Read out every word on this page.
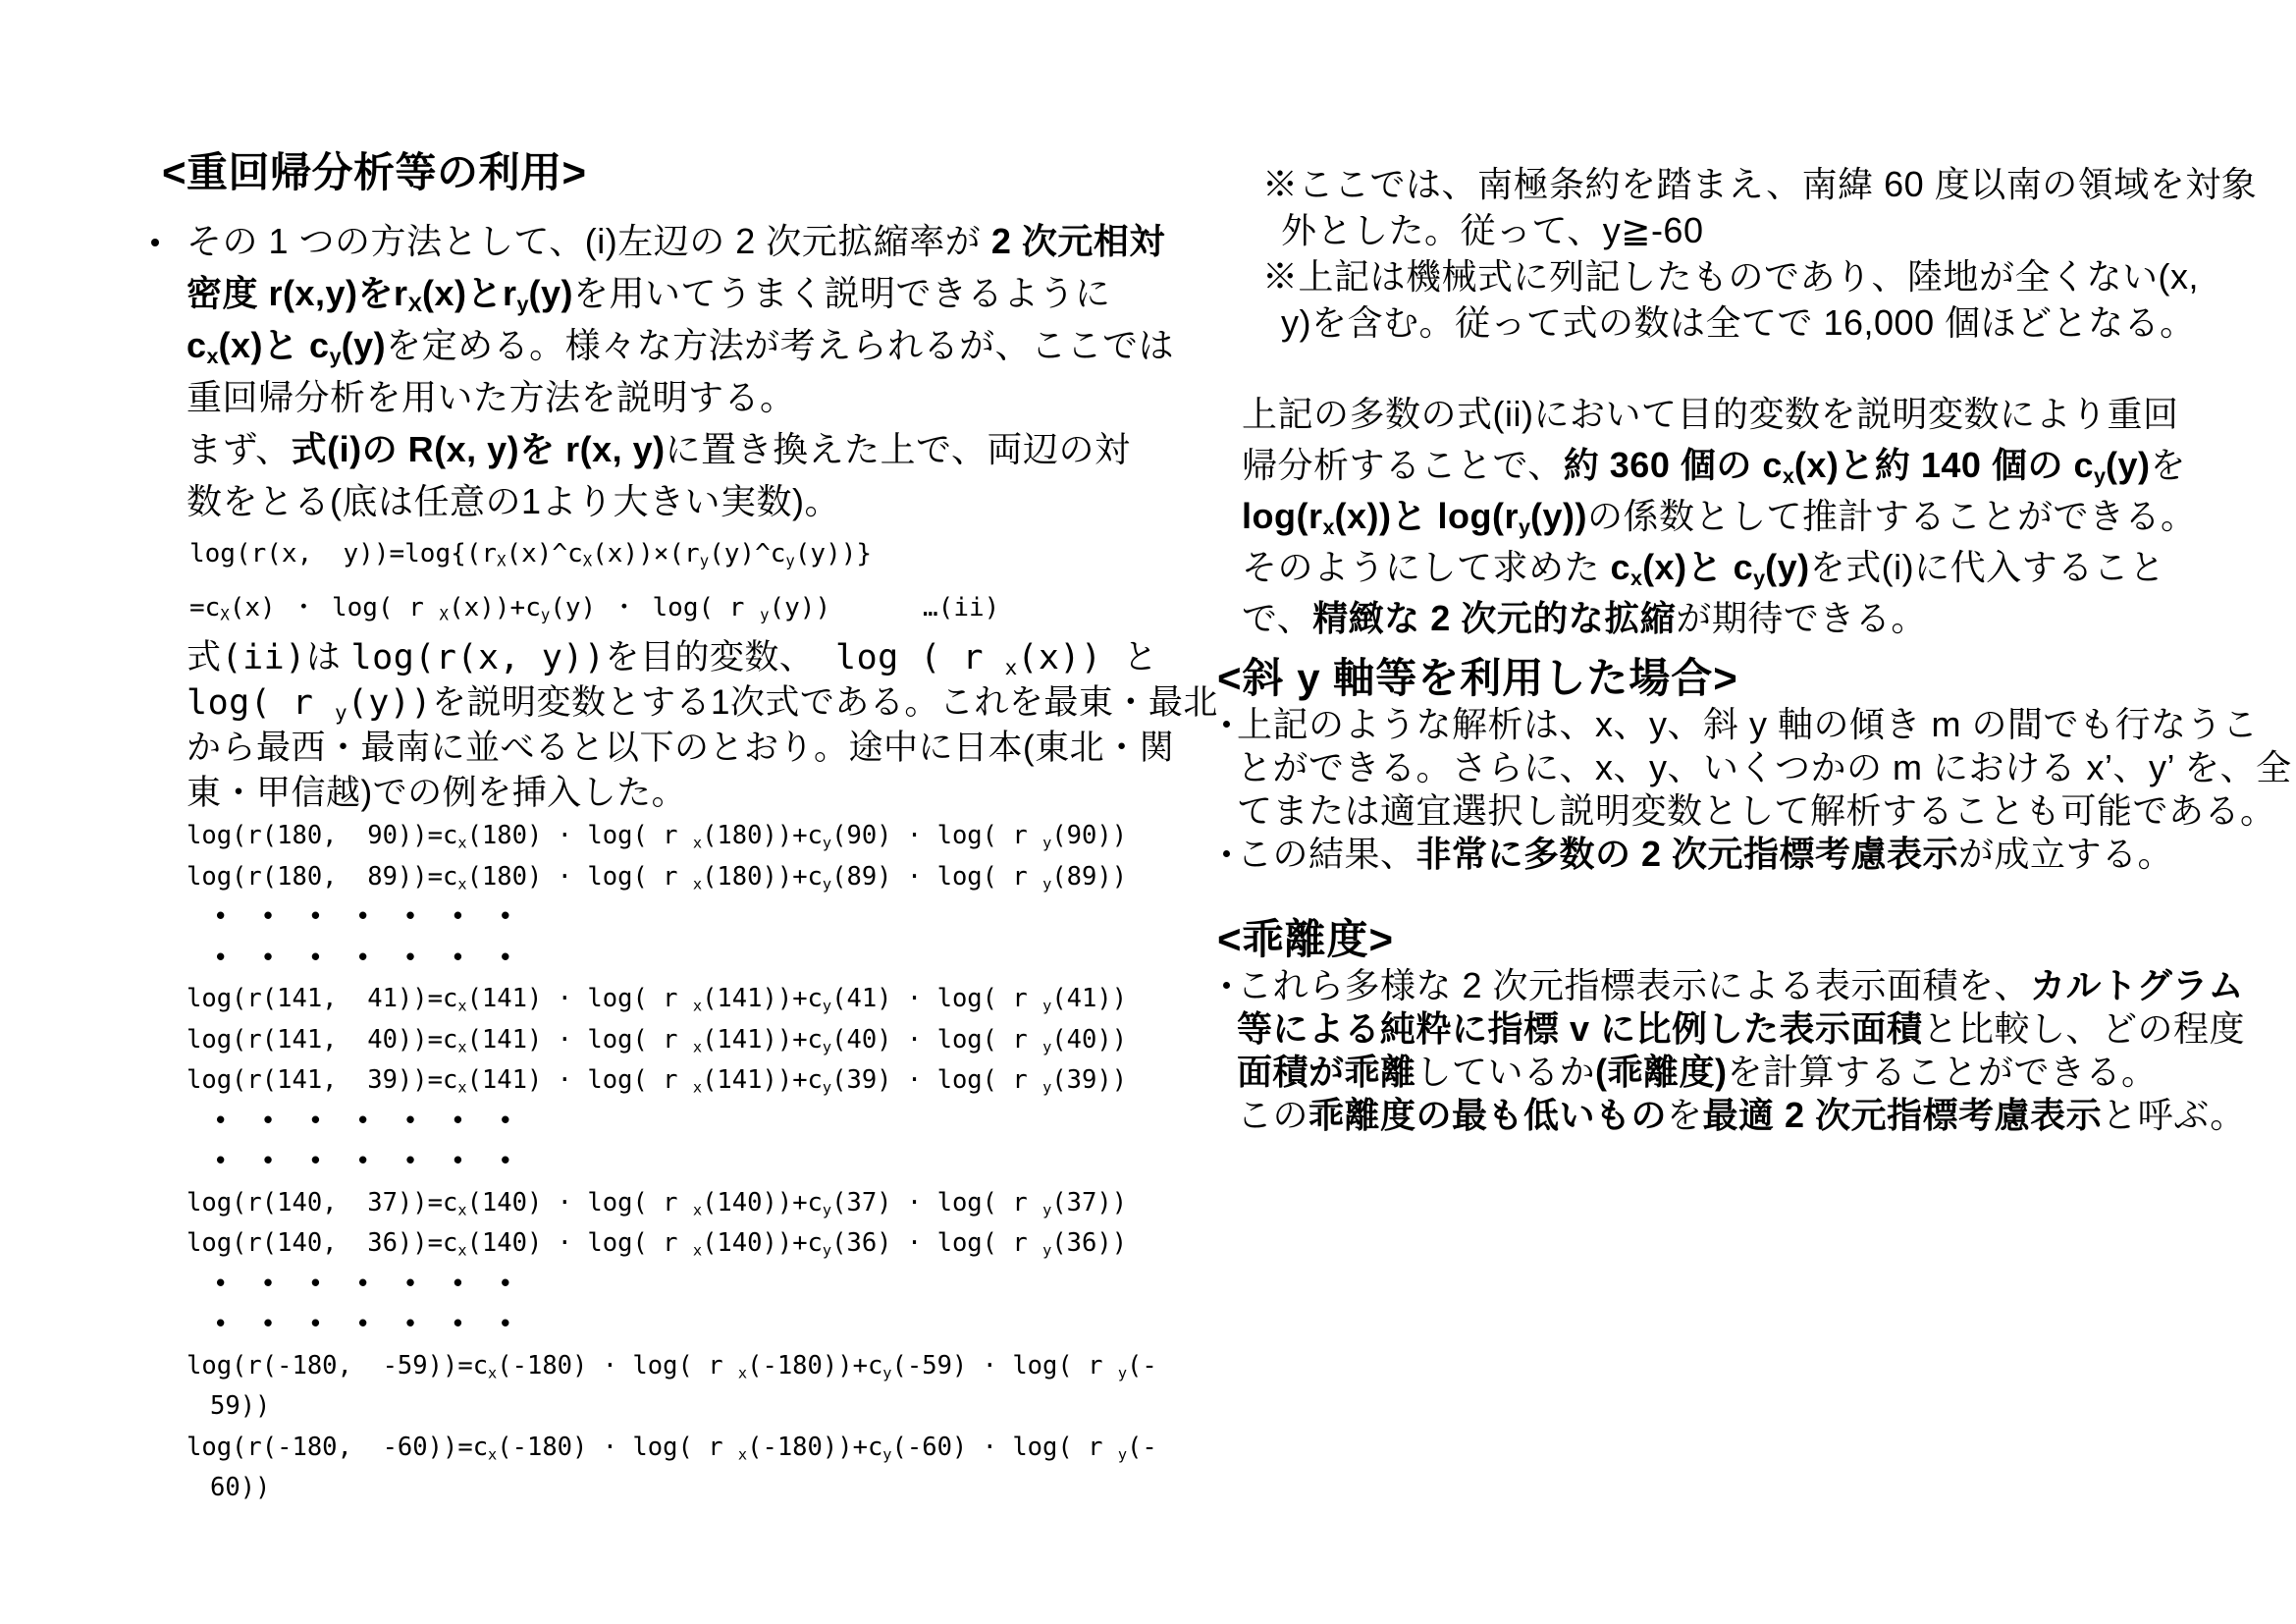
<重回帰分析等の利用>
その 1 つの方法として、(i)左辺の 2 次元拡縮率が 2 次元相対
密度 r(x,y)を$r_X(x)$と$r_y(y)$を用いてうまく説明できるように
$c_x(x)$と $c_y(y)$を定める。様々な方法が考えられるが、ここでは
重回帰分析を用いた方法を説明する。
まず、式(i)の R(x, y)を r(x, y)に置き換えた上で、両辺の対
数をとる(底は任意の1より大きい実数)。
log(r(x,  $y))=\log\{(r_X(x)\^{}c_X(x))\times(r_y(y)\^{}c_y(y))\}$
$=c_X(x)$ ・ log( r $_X(x))+c_y(y)$ ・ log( r $_y$(y))      …(ii)
式(ii)は log(r(x, y))を目的変数、 log ( r $_x$(x)) と
log( r $_y$(y))を説明変数とする1次式である。これを最東・最北
から最西・最南に並べると以下のとおり。途中に日本(東北・関
東・甲信越)での例を挿入した。
log(r(180,  $90))=c_x(180) \cdot \log$( r $_x(180))+c_y(90) \cdot \log$( r $_y$(90))
log(r(180,  $89))=c_x(180) \cdot \log$( r $_x(180))+c_y(89) \cdot \log$( r $_y$(89))
•••••••
•••••••
log(r(141,  $41))=c_x(141) \cdot \log$( r $_x(141))+c_y(41) \cdot \log$( r $_y$(41))
log(r(141,  $40))=c_x(141) \cdot \log$( r $_x(141))+c_y(40) \cdot \log$( r $_y$(40))
log(r(141,  $39))=c_x(141) \cdot \log$( r $_x(141))+c_y(39) \cdot \log$( r $_y$(39))
•••••••
•••••••
log(r(140,  $37))=c_x(140) \cdot \log$( r $_x(140))+c_y(37) \cdot \log$( r $_y$(37))
log(r(140,  $36))=c_x(140) \cdot \log$( r $_x(140))+c_y(36) \cdot \log$( r $_y$(36))
•••••••
•••••••
log(r(-180,  $-59))=c_x(-180) \cdot \log$( r $_x(-180))+c_y(-59) \cdot \log$( r $_y$(-
59))
log(r(-180,  $-60))=c_x(-180) \cdot \log$( r $_x(-180))+c_y(-60) \cdot \log$( r $_y$(-
60))
※ここでは、南極条約を踏まえ、南緯 60 度以南の領域を対象
外とした。従って、y≧-60
※上記は機械式に列記したものであり、陸地が全くない(x,
y)を含む。従って式の数は全てで 16,000 個ほどとなる。
上記の多数の式(ii)において目的変数を説明変数により重回
帰分析することで、約 360 個の $c_x(x)$と約 140 個の $c_y(y)$を
$\log(r_x(x))$と $\log(r_y(y))$の係数として推計することができる。
そのようにして求めた $c_x(x)$と $c_y(y)$を式(i)に代入すること
で、精緻な 2 次元的な拡縮が期待できる。
<斜 y 軸等を利用した場合>
上記のような解析は、x、y、斜 y 軸の傾き m の間でも行なうこ
とができる。さらに、x、y、いくつかの m における x’、y’ を、全
てまたは適宜選択し説明変数として解析することも可能である。
この結果、非常に多数の 2 次元指標考慮表示が成立する。
<乖離度>
これら多様な 2 次元指標表示による表示面積を、カルトグラム
等による純粋に指標 v に比例した表示面積と比較し、どの程度
面積が乖離しているか(乖離度)を計算することができる。
この乖離度の最も低いものを最適 2 次元指標考慮表示と呼ぶ。
